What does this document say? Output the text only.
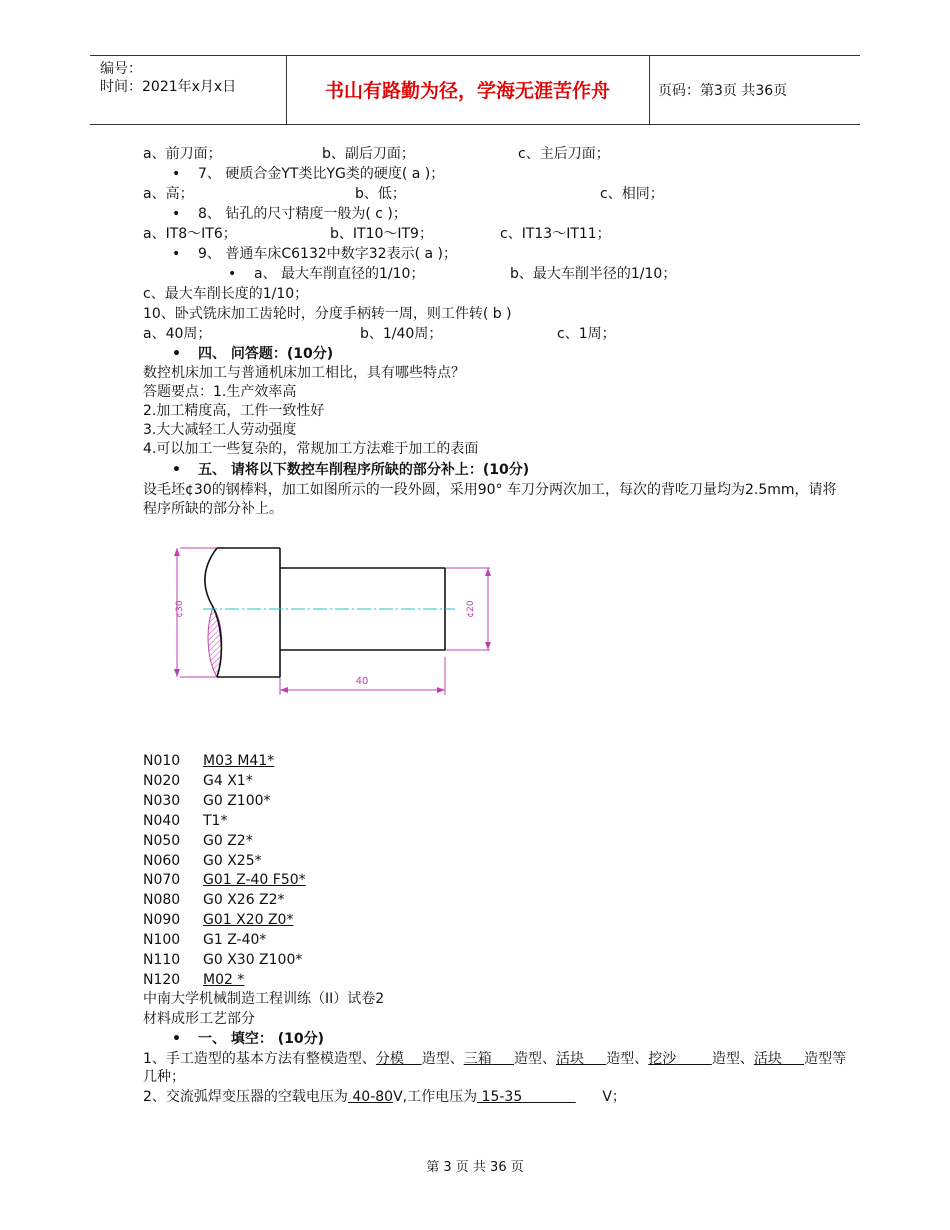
编号：
时间：2021年x月x日	书山有路勤为径，学海无涯苦作舟	页码：第3页 共36页
a、前刀面；	b、副后刀面；	c、主后刀面；
• 7、 硬质合金YT类比YG类的硬度( a )；
a、高；	b、低；	c、相同；
• 8、 钻孔的尺寸精度一般为( c )；
a、IT8～IT6；	b、IT10～IT9；	c、IT13～IT11；
• 9、 普通车床C6132中数字32表示( a )；
• a、 最大车削直径的1/10；	b、最大车削半径的1/10；
c、最大车削长度的1/10；
10、卧式铣床加工齿轮时，分度手柄转一周，则工件转( b )
a、40周；	b、1/40周；	c、1周；
• 四、 问答题：(10分)
数控机床加工与普通机床加工相比，具有哪些特点？
答题要点：1.生产效率高
2.加工精度高，工件一致性好
3.大大减轻工人劳动强度
4.可以加工一些复杂的，常规加工方法难于加工的表面
• 五、 请将以下数控车削程序所缺的部分补上：(10分)
设毛坯¢30的钢棒料，加工如图所示的一段外圆，采用90° 车刀分两次加工，每次的背吃刀量均为2.5mm，请将
程序所缺的部分补上。
¢30	¢20
40
N010 M03 M41*
N020 G4 X1*
N030 G0 Z100*
N040 T1*
N050 G0 Z2*
N060 G0 X25*
N070 G01 Z-40 F50*
N080 G0 X26 Z2*
N090 G01 X20 Z0*
N100 G1 Z-40*
N110 G0 X30 Z100*
N120 M02 *
中南大学机械制造工程训练（II）试卷2
材料成形工艺部分
• 一、 填空： (10分)
1、手工造型的基本方法有整模造型、分模 造型、三箱 造型、活块 造型、挖沙	造型、活块 造型等
几种；
2、交流弧焊变压器的空载电压为 40-80V,工作电压为 15-35	V；
第 3 页 共 36 页
